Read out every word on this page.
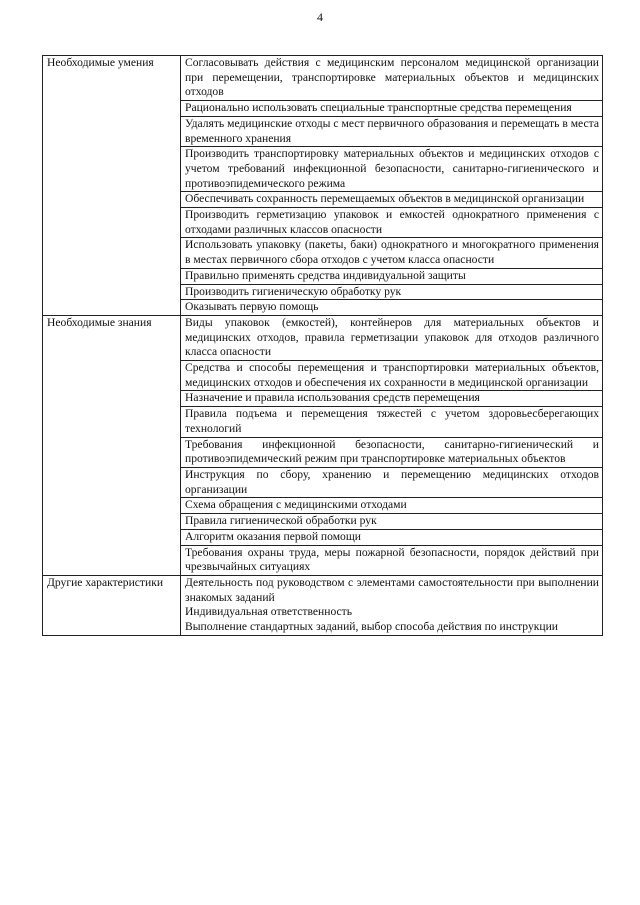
4
Необходимые умения	Согласовывать действия с медицинским персоналом медицинской организации при перемещении, транспортировке материальных объектов и медицинских отходов
	Рационально использовать специальные транспортные средства перемещения
	Удалять медицинские отходы с мест первичного образования и перемещать в места временного хранения
	Производить транспортировку материальных объектов и медицинских отходов с учетом требований инфекционной безопасности, санитарно-гигиенического и противоэпидемического режима
	Обеспечивать сохранность перемещаемых объектов в медицинской организации
	Производить герметизацию упаковок и емкостей однократного применения с отходами различных классов опасности
	Использовать упаковку (пакеты, баки) однократного и многократного применения в местах первичного сбора отходов с учетом класса опасности
	Правильно применять средства индивидуальной защиты
	Производить гигиеническую обработку рук
	Оказывать первую помощь
Необходимые знания	Виды упаковок (емкостей), контейнеров для материальных объектов и медицинских отходов, правила герметизации упаковок для отходов различного класса опасности
	Средства и способы перемещения и транспортировки материальных объектов, медицинских отходов и обеспечения их сохранности в медицинской организации
	Назначение и правила использования средств перемещения
	Правила подъема и перемещения тяжестей с учетом здоровьесберегающих технологий
	Требования инфекционной безопасности, санитарно-гигиенический и противоэпидемический режим при транспортировке материальных объектов
	Инструкция по сбору, хранению и перемещению медицинских отходов организации
	Схема обращения с медицинскими отходами
	Правила гигиенической обработки рук
	Алгоритм оказания первой помощи
	Требования охраны труда, меры пожарной безопасности, порядок действий при чрезвычайных ситуациях
Другие характеристики	Деятельность под руководством с элементами самостоятельности при выполнении знакомых заданий
Индивидуальная ответственность
Выполнение стандартных заданий, выбор способа действия по инструкции
